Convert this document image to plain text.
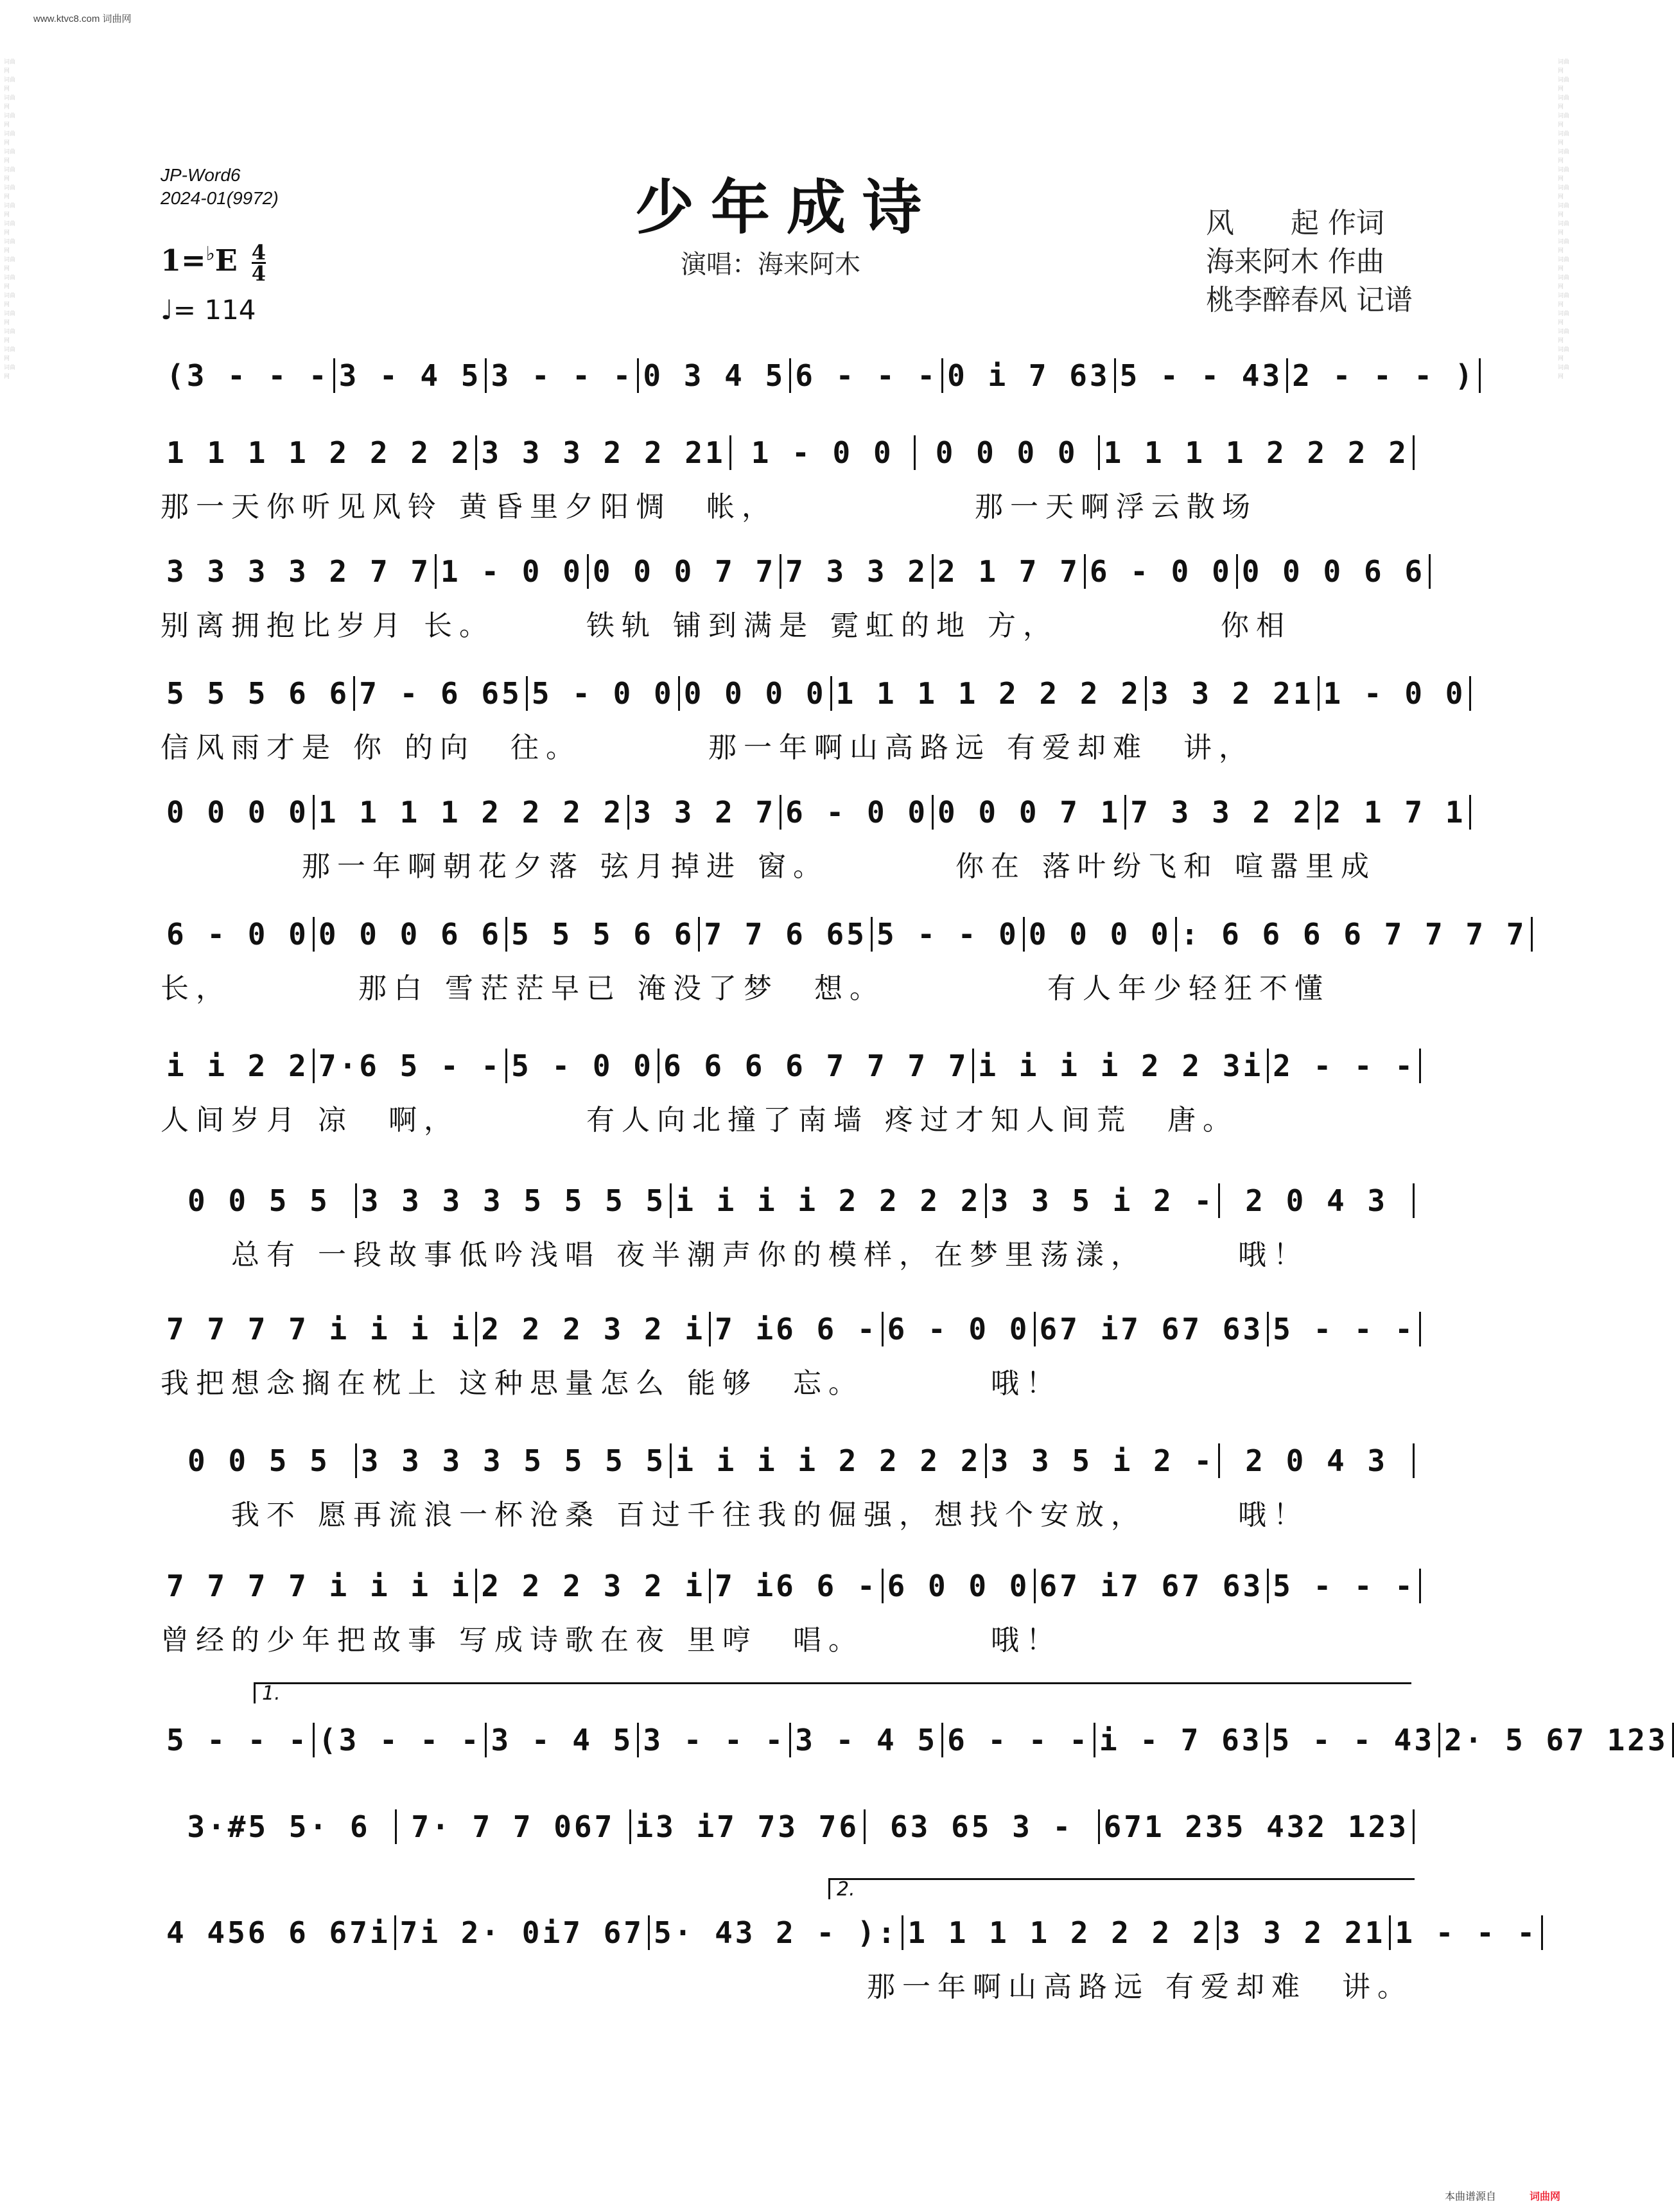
www.ktvc8.com 词曲网
词曲网 词曲网 词曲网 词曲网 词曲网 词曲网 词曲网 词曲网 词曲网 词曲网 词曲网 词曲网 词曲网 词曲网 词曲网 词曲网 词曲网 词曲网
词曲网 词曲网 词曲网 词曲网 词曲网 词曲网 词曲网 词曲网 词曲网 词曲网 词曲网 词曲网 词曲网 词曲网 词曲网 词曲网 词曲网 词曲网
JP-Word6
2024-01(9972)	少年成诗
演唱：海来阿木
风　　起 作词
海来阿木 作曲
桃李醉春风 记谱
$1=^♭E \frac{4}{4}$
♩= 114
(3 - - - 3 - 4 5 3 - - - 0 3 4 5 6 - - - 0 i 7 63 5 - - 43 2 - - - )
1 1 1 1 2 2 2 2 3 3 3 2 2 21 1 - 0 0	0 0 0 0 1 1 1 1 2 2 2 2
那一天你听见风铃 黄昏里夕阳惆　帐，　　　　　　那一天啊浮云散场
3 3 3 3 2 7 7 1 - 0 0 0 0 0 7 7 7 3 3 2 2 1 7 7 6 - 0 0 0 0 0 6 6
别离拥抱比岁月 长。　　　铁轨 铺到满是 霓虹的地 方，　　　　　你相
5 5 5 6 6 7 - 6 65 5 - 0 0 0 0 0 0 1 1 1 1 2 2 2 2 3 3 2 21 1 - 0 0
信风雨才是 你 的向　往。　　　　那一年啊山高路远 有爱却难　讲，
0 0 0 0 1 1 1 1 2 2 2 2 3 3 2 7 6 - 0 0 0 0 0 7 1 7 3 3 2 2 2 1 7 1
　　　　那一年啊朝花夕落 弦月掉进 窗。　　　　你在 落叶纷飞和 喧嚣里成
6 - 0 0 0 0 0 6 6 5 5 5 6 6 7 7 6 65 5 - - 0 0 0 0 0 : 6 6 6 6 7 7 7 7
长，　　　　那白 雪茫茫早已 淹没了梦　想。　　　　　有人年少轻狂不懂
i i 2 2 7·6 5 - - 5 - 0 0 6 6 6 6 7 7 7 7 i i i i 2 2 3i 2 - - -
人间岁月 凉　啊，　　　　有人向北撞了南墙 疼过才知人间荒　唐。
0 0 5 5	3 3 3 3 5 5 5 5 i i i i 2 2 2 2 3 3 5 i 2 -	2 0 4 3
　　总有 一段故事低吟浅唱 夜半潮声你的模样，在梦里荡漾，　　　哦！
7 7 7 7 i i i i 2 2 2 3 2 i 7 i6 6 - 6 - 0 0 67 i7 67 63 5 - - -
我把想念搁在枕上 这种思量怎么 能够　忘。　　　　哦！
0 0 5 5	3 3 3 3 5 5 5 5 i i i i 2 2 2 2 3 3 5 i 2 -	2 0 4 3
　　我不 愿再流浪一杯沧桑 百过千往我的倔强，想找个安放，　　　哦！
7 7 7 7 i i i i 2 2 2 3 2 i 7 i6 6 - 6 0 0 0 67 i7 67 63 5 - - -
曾经的少年把故事 写成诗歌在夜 里哼　唱。　　　　哦！
5 - - - (3 - - - 3 - 4 5 3 - - - 3 - 4 5 6 - - - i - 7 63 5 - - 43 2· 5 67 123
3·#5 5· 6	7· 7 7 067 i3 i7 73 76	63 65 3 -	671 235 432 123
4 456 6 67i 7i 2· 0i7 67 5· 43 2 - ): 1 1 1 1 2 2 2 2 3 3 2 21 1 - - -
　　　　　　　　　　　　　　　　　　　　那一年啊山高路远 有爱却难　讲。
1.
2.
本曲谱源自	词曲网
